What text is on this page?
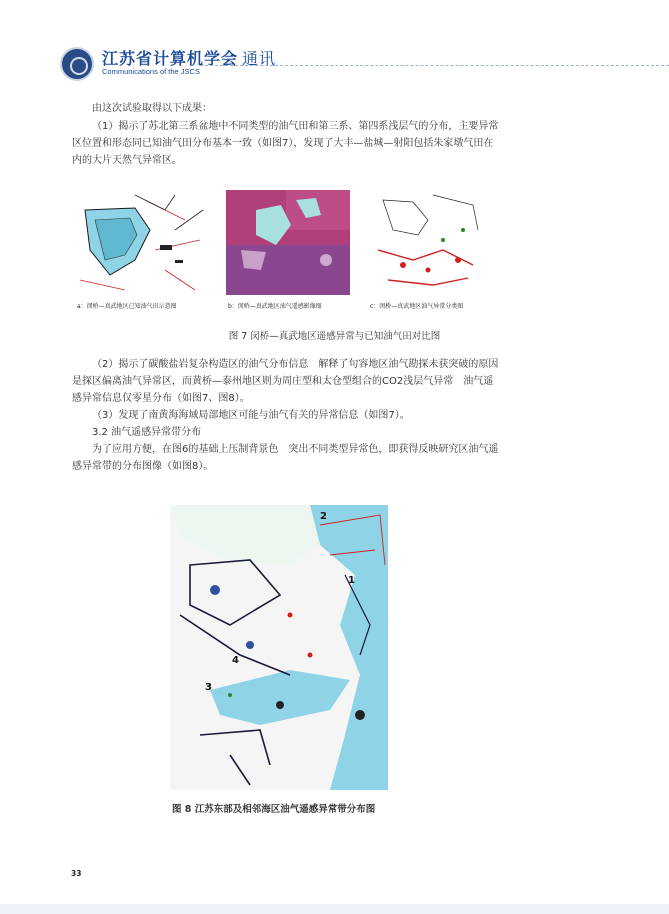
江苏省计算机学会 通讯
Communications of the JSCS
由这次试验取得以下成果：
（1）揭示了苏北第三系盆地中不同类型的油气田和第三系、第四系浅层气的分布，主要异常区位置和形态同已知油气田分布基本一致（如图7），发现了大丰—盐城—射阳包括朱家墩气田在内的大片天然气异常区。
a：闵桥—真武地区已知油气田示意图	b：闵桥—真武地区油气遥感影像图	c：闵桥—真武地区油气异常分类图
图 7 闵桥—真武地区遥感异常与已知油气田对比图
（2）揭示了碳酸盐岩复杂构造区的油气分布信息　解释了句容地区油气勘探未获突破的原因是探区偏离油气异常区，而黄桥—泰州地区则为周庄型和太仓型组合的CO2浅层气异常　油气遥感异常信息仅零星分布（如图7、图8）。
（3）发现了南黄海海域局部地区可能与油气有关的异常信息（如图7）。
3.2 油气遥感异常带分布
为了应用方便，在图6的基础上压制背景色　突出不同类型异常色，即获得反映研究区油气遥感异常带的分布图像（如图8）。
1
2
3
4
图 8 江苏东部及相邻海区油气遥感异常带分布图
33
